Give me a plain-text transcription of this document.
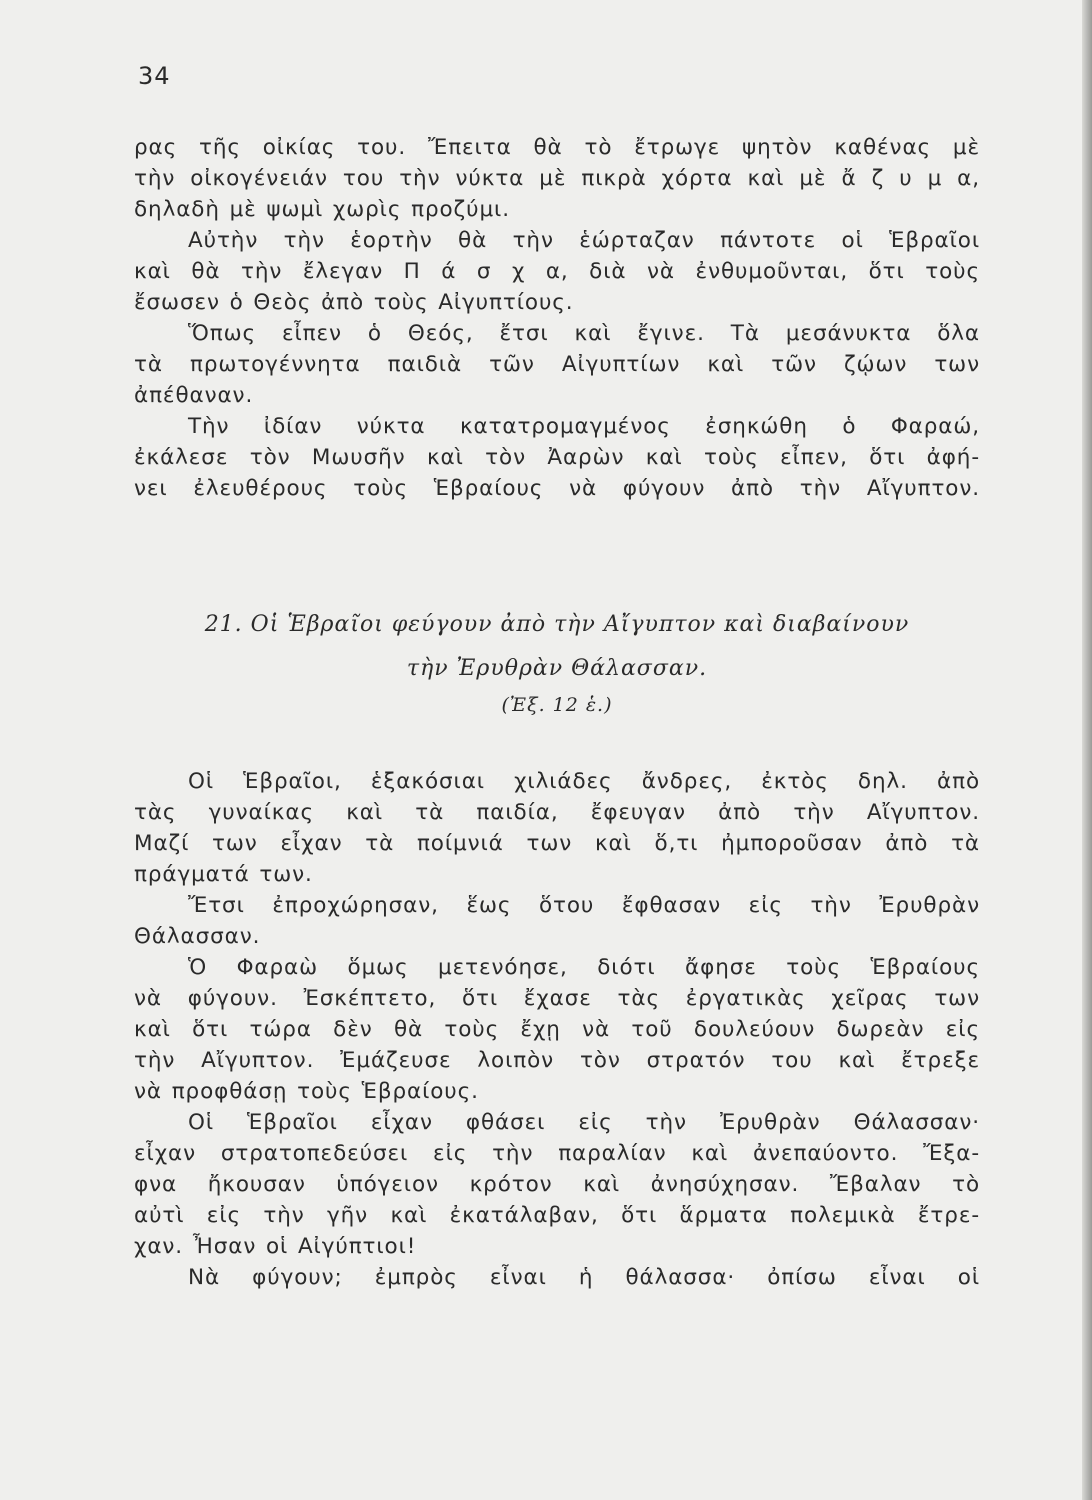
34
ρας τῆς οἰκίας του. Ἔπειτα θὰ τὸ ἔτρωγε ψητὸν καθένας μὲ
τὴν οἰκογένειάν του τὴν νύκτα μὲ πικρὰ χόρτα καὶ μὲ ἄ ζ υ μ α,
δηλαδὴ μὲ ψωμὶ χωρὶς προζύμι.
Αὐτὴν τὴν ἑορτὴν θὰ τὴν ἑώρταζαν πάντοτε οἱ Ἑβραῖοι
καὶ θὰ τὴν ἔλεγαν Π ά σ χ α, διὰ νὰ ἐνθυμοῦνται, ὅτι τοὺς
ἔσωσεν ὁ Θεὸς ἀπὸ τοὺς Αἰγυπτίους.
Ὅπως εἶπεν ὁ Θεός, ἔτσι καὶ ἔγινε. Τὰ μεσάνυκτα ὅλα
τὰ πρωτογέννητα παιδιὰ τῶν Αἰγυπτίων καὶ τῶν ζῴων των
ἀπέθαναν.
Τὴν ἰδίαν νύκτα κατατρομαγμένος ἐσηκώθη ὁ Φαραώ,
ἐκάλεσε τὸν Μωυσῆν καὶ τὸν Ἀαρὼν καὶ τοὺς εἶπεν, ὅτι ἀφή-
νει ἐλευθέρους τοὺς Ἑβραίους νὰ φύγουν ἀπὸ τὴν Αἴγυπτον.
21. Οἱ Ἑβραῖοι φεύγουν ἀπὸ τὴν Αἴγυπτον καὶ διαβαίνουν
τὴν Ἐρυθρὰν Θάλασσαν.
(Ἐξ. 12 ἑ.)
Οἱ Ἑβραῖοι, ἑξακόσιαι χιλιάδες ἄνδρες, ἐκτὸς δηλ. ἀπὸ
τὰς γυναίκας καὶ τὰ παιδία, ἔφευγαν ἀπὸ τὴν Αἴγυπτον.
Μαζί των εἶχαν τὰ ποίμνιά των καὶ ὅ,τι ἠμποροῦσαν ἀπὸ τὰ
πράγματά των.
Ἔτσι ἐπροχώρησαν, ἕως ὅτου ἔφθασαν εἰς τὴν Ἐρυθρὰν
Θάλασσαν.
Ὁ Φαραὼ ὅμως μετενόησε, διότι ἄφησε τοὺς Ἑβραίους
νὰ φύγουν. Ἐσκέπτετο, ὅτι ἔχασε τὰς ἐργατικὰς χεῖρας των
καὶ ὅτι τώρα δὲν θὰ τοὺς ἔχῃ νὰ τοῦ δουλεύουν δωρεὰν εἰς
τὴν Αἴγυπτον. Ἐμάζευσε λοιπὸν τὸν στρατόν του καὶ ἔτρεξε
νὰ προφθάσῃ τοὺς Ἑβραίους.
Οἱ Ἑβραῖοι εἶχαν φθάσει εἰς τὴν Ἐρυθρὰν Θάλασσαν·
εἶχαν στρατοπεδεύσει εἰς τὴν παραλίαν καὶ ἀνεπαύοντο. Ἔξα-
φνα ἤκουσαν ὑπόγειον κρότον καὶ ἀνησύχησαν. Ἔβαλαν τὸ
αὐτὶ εἰς τὴν γῆν καὶ ἐκατάλαβαν, ὅτι ἅρματα πολεμικὰ ἔτρε-
χαν. Ἦσαν οἱ Αἰγύπτιοι!
Νὰ φύγουν; ἐμπρὸς εἶναι ἡ θάλασσα· ὀπίσω εἶναι οἱ
